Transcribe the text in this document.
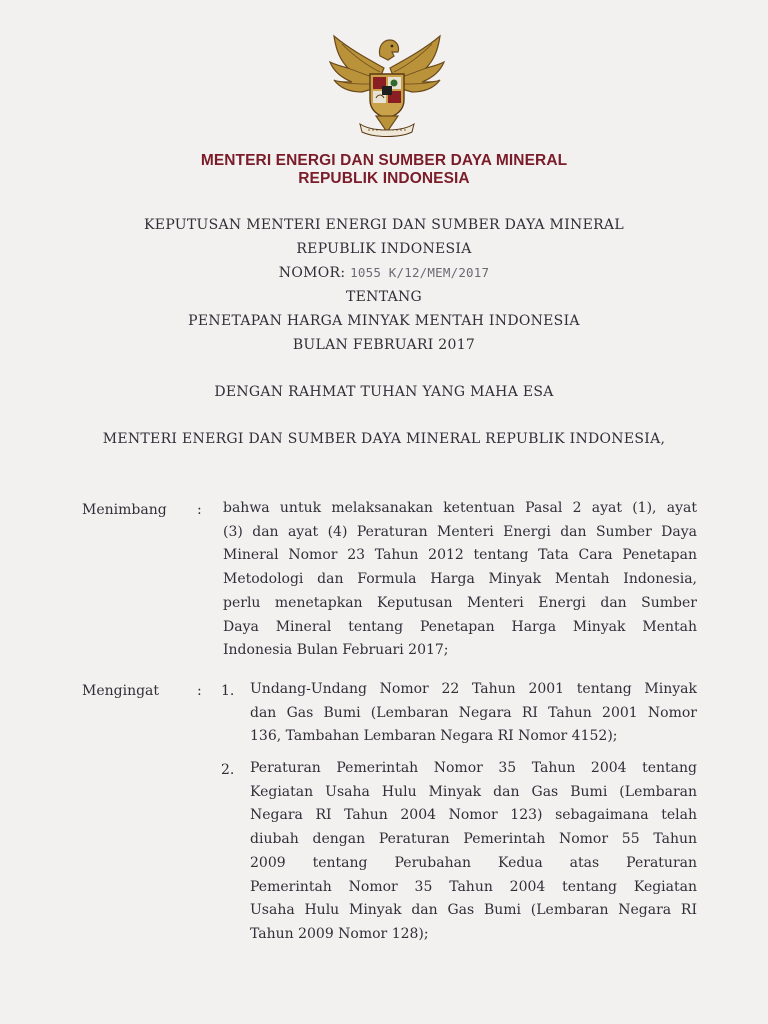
MENTERI ENERGI DAN SUMBER DAYA MINERAL
REPUBLIK INDONESIA
KEPUTUSAN MENTERI ENERGI DAN SUMBER DAYA MINERAL
REPUBLIK INDONESIA
NOMOR: 1055 K/12/MEM/2017
TENTANG
PENETAPAN HARGA MINYAK MENTAH INDONESIA
BULAN FEBRUARI 2017
DENGAN RAHMAT TUHAN YANG MAHA ESA
MENTERI ENERGI DAN SUMBER DAYA MINERAL REPUBLIK INDONESIA,
Menimbang : bahwa untuk melaksanakan ketentuan Pasal 2 ayat (1), ayat
(3) dan ayat (4) Peraturan Menteri Energi dan Sumber Daya
Mineral Nomor 23 Tahun 2012 tentang Tata Cara Penetapan
Metodologi dan Formula Harga Minyak Mentah Indonesia,
perlu menetapkan Keputusan Menteri Energi dan Sumber
Daya Mineral tentang Penetapan Harga Minyak Mentah
Indonesia Bulan Februari 2017;
Mengingat	: 1. Undang-Undang Nomor 22 Tahun 2001 tentang Minyak
dan Gas Bumi (Lembaran Negara RI Tahun 2001 Nomor
136, Tambahan Lembaran Negara RI Nomor 4152);
2. Peraturan Pemerintah Nomor 35 Tahun 2004 tentang
Kegiatan Usaha Hulu Minyak dan Gas Bumi (Lembaran
Negara RI Tahun 2004 Nomor 123) sebagaimana telah
diubah dengan Peraturan Pemerintah Nomor 55 Tahun
2009 tentang Perubahan Kedua atas Peraturan
Pemerintah Nomor 35 Tahun 2004 tentang Kegiatan
Usaha Hulu Minyak dan Gas Bumi (Lembaran Negara RI
Tahun 2009 Nomor 128);
